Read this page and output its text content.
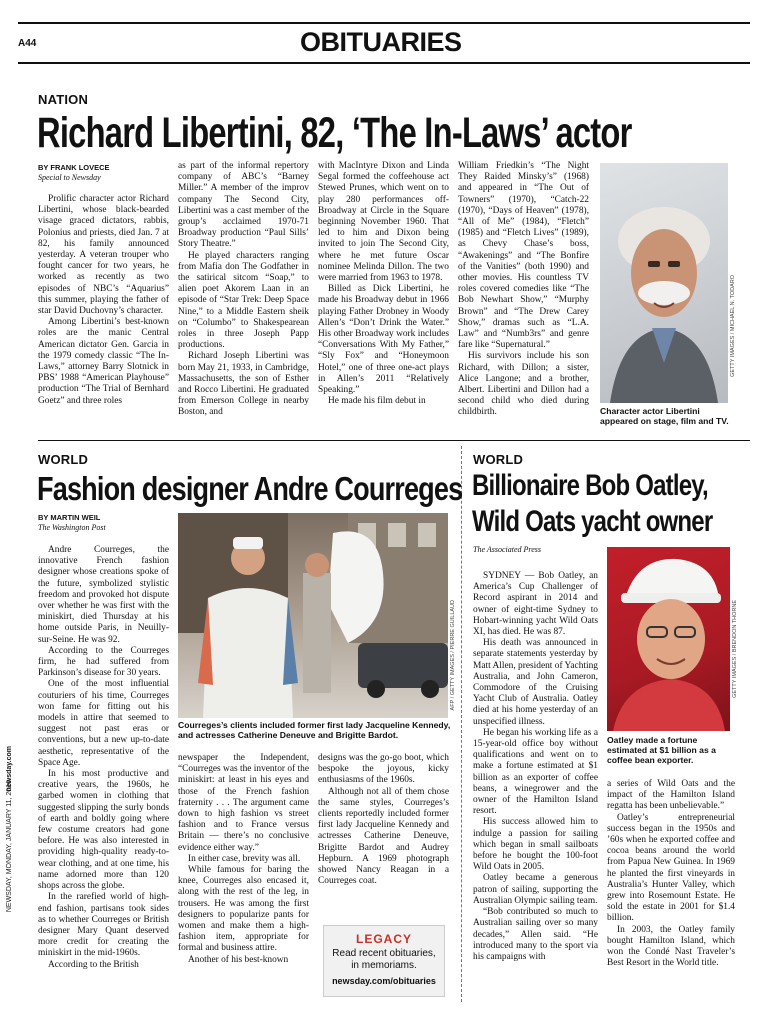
A44	OBITUARIES
NEWSDAY, MONDAY, JANUARY 11, 2016
newsday.com
NATION
Richard Libertini, 82, ‘The In-Laws’ actor
BY FRANK LOVECE
Special to Newsday

Prolific character actor Richard Libertini, whose black-bearded visage graced dictators, rabbis, Polonius and priests, died Jan. 7 at 82, his family announced yesterday. A veteran trouper who fought cancer for two years, he worked as recently as two episodes of NBC’s “Aquarius” this summer, playing the father of star David Duchovny’s character.

Among Libertini’s best-known roles are the manic Central American dictator Gen. Garcia in the 1979 comedy classic “The In-Laws,” attorney Barry Slotnick in PBS’ 1988 “American Playhouse” production “The Trial of Bernhard Goetz” and three roles

as part of the informal repertory company of ABC’s “Barney Miller.” A member of the improv company The Second City, Libertini was a cast member of the group’s acclaimed 1970-71 Broadway production “Paul Sills’ Story Theatre.”

He played characters ranging from Mafia don The Godfather in the satirical sitcom “Soap,” to alien poet Akorem Laan in an episode of “Star Trek: Deep Space Nine,” to a Middle Eastern sheik on “Columbo” to Shakespearean roles in three Joseph Papp productions.

Richard Joseph Libertini was born May 21, 1933, in Cambridge, Massachusetts, the son of Esther and Rocco Libertini. He graduated from Emerson College in nearby Boston, and

with MacIntyre Dixon and Linda Segal formed the coffeehouse act Stewed Prunes, which went on to play 280 performances off-Broadway at Circle in the Square beginning November 1960. That led to him and Dixon being invited to join The Second City, where he met future Oscar nominee Melinda Dillon. The two were married from 1963 to 1978.

Billed as Dick Libertini, he made his Broadway debut in 1966 playing Father Drobney in Woody Allen’s “Don’t Drink the Water.” His other Broadway work includes “Conversations With My Father,” “Sly Fox” and “Honeymoon Hotel,” one of three one-act plays in Allen’s 2011 “Relatively Speaking.”

He made his film debut in

William Friedkin’s “The Night They Raided Minsky’s” (1968) and appeared in “The Out of Towners” (1970), “Catch-22 (1970), “Days of Heaven” (1978), “All of Me” (1984), “Fletch” (1985) and “Fletch Lives” (1989), as Chevy Chase’s boss, “Awakenings” and “The Bonfire of the Vanities” (both 1990) and other movies. His countless TV roles covered comedies like “The Bob Newhart Show,” “Murphy Brown” and “The Drew Carey Show,” dramas such as “L.A. Law” and “Numb3rs” and genre fare like “Supernatural.”

His survivors include his son Richard, with Dillon; a sister, Alice Langone; and a brother, Albert. Libertini and Dillon had a second child who died during childbirth.

GETTY IMAGES / MICHAEL N. TODARO
Character actor Libertini appeared on stage, film and TV.
WORLD
Fashion designer Andre Courreges
BY MARTIN WEIL
The Washington Post

Andre Courreges, the innovative French fashion designer whose creations spoke of the future, symbolized stylistic freedom and provoked hot dispute over whether he was first with the miniskirt, died Thursday at his home outside Paris, in Neuilly-sur-Seine. He was 92.

According to the Courreges firm, he had suffered from Parkinson’s disease for 30 years.

One of the most influential couturiers of his time, Courreges won fame for fitting out his models in attire that seemed to suggest not past eras or conventions, but a new up-to-date aesthetic, representative of the Space Age.

In his most productive and creative years, the 1960s, he garbed women in clothing that suggested slipping the surly bonds of earth and boldly going where few costume creators had gone before. He was also interested in providing high-quality ready-to-wear clothing, and at one time, his name adorned more than 120 shops across the globe.

In the rarefied world of high-end fashion, partisans took sides as to whether Courreges or British designer Mary Quant deserved more credit for creating the miniskirt in the mid-1960s.

According to the British

AFP / GETTY IMAGES / PIERRE GUILLAUD
Courreges’s clients included former first lady Jacqueline Kennedy, and actresses Catherine Deneuve and Brigitte Bardot.

newspaper the Independent, “Courreges was the inventor of the miniskirt: at least in his eyes and those of the French fashion fraternity . . . The argument came down to high fashion vs street fashion and to France versus Britain — there’s no conclusive evidence either way.”

In either case, brevity was all.

While famous for baring the knee, Courreges also encased it, along with the rest of the leg, in trousers. He was among the first designers to popularize pants for women and make them a high-fashion item, appropriate for formal and business attire.

Another of his best-known

designs was the go-go boot, which bespoke the joyous, kicky enthusiasms of the 1960s.

Although not all of them chose the same styles, Courreges’s clients reportedly included former first lady Jacqueline Kennedy and actresses Catherine Deneuve, Brigitte Bardot and Audrey Hepburn. A 1969 photograph showed Nancy Reagan in a Courreges coat.

LEGACY
Read recent obituaries,
in memoriams.
newsday.com/obituaries
WORLD
Billionaire Bob Oatley,
Wild Oats yacht owner
The Associated Press

SYDNEY — Bob Oatley, an America’s Cup Challenger of Record aspirant in 2014 and owner of eight-time Sydney to Hobart-winning yacht Wild Oats XI, has died. He was 87.

His death was announced in separate statements yesterday by Matt Allen, president of Yachting Australia, and John Cameron, Commodore of the Cruising Yacht Club of Australia. Oatley died at his home yesterday of an unspecified illness.

He began his working life as a 15-year-old office boy without qualifications and went on to make a fortune estimated at $1 billion as an exporter of coffee beans, a winegrower and the owner of the Hamilton Island resort.

His success allowed him to indulge a passion for sailing which began in small sailboats before he bought the 100-foot Wild Oats in 2005.

Oatley became a generous patron of sailing, supporting the Australian Olympic sailing team.

“Bob contributed so much to Australian sailing over so many decades,” Allen said. “He introduced many to the sport via his campaigns with

GETTY IMAGES / BRENDON THORNE
Oatley made a fortune estimated at $1 billion as a coffee bean exporter.

a series of Wild Oats and the impact of the Hamilton Island regatta has been unbelievable.”

Oatley’s entrepreneurial success began in the 1950s and ’60s when he exported coffee and cocoa beans around the world from Papua New Guinea. In 1969 he planted the first vineyards in Australia’s Hunter Valley, which grew into Rosemount Estate. He sold the estate in 2001 for $1.4 billion.

In 2003, the Oatley family bought Hamilton Island, which won the Condé Nast Traveler’s Best Resort in the World title.
